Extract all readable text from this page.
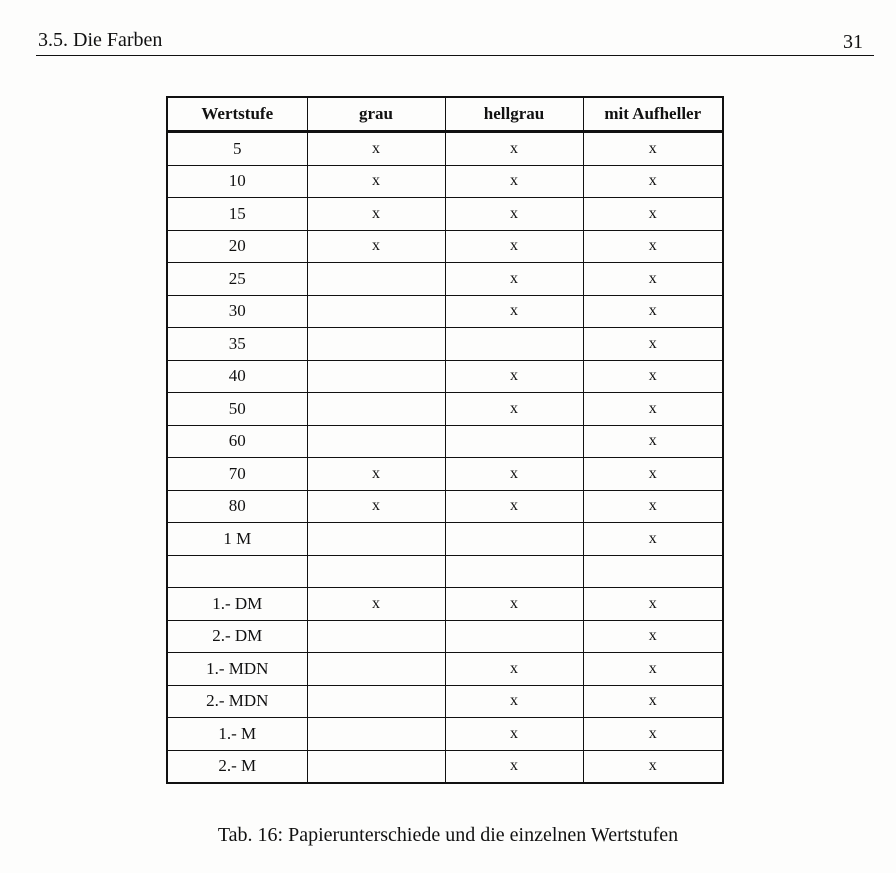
3.5. Die Farben	31
Wertstufe	grau	hellgrau	mit Aufheller
5	x	x	x
10	x	x	x
15	x	x	x
20	x	x	x
25		x	x
30		x	x
35			x
40		x	x
50		x	x
60			x
70	x	x	x
80	x	x	x
1 M			x

1.- DM	x	x	x
2.- DM			x
1.- MDN		x	x
2.- MDN		x	x
1.- M		x	x
2.- M		x	x
Tab. 16: Papierunterschiede und die einzelnen Wertstufen
